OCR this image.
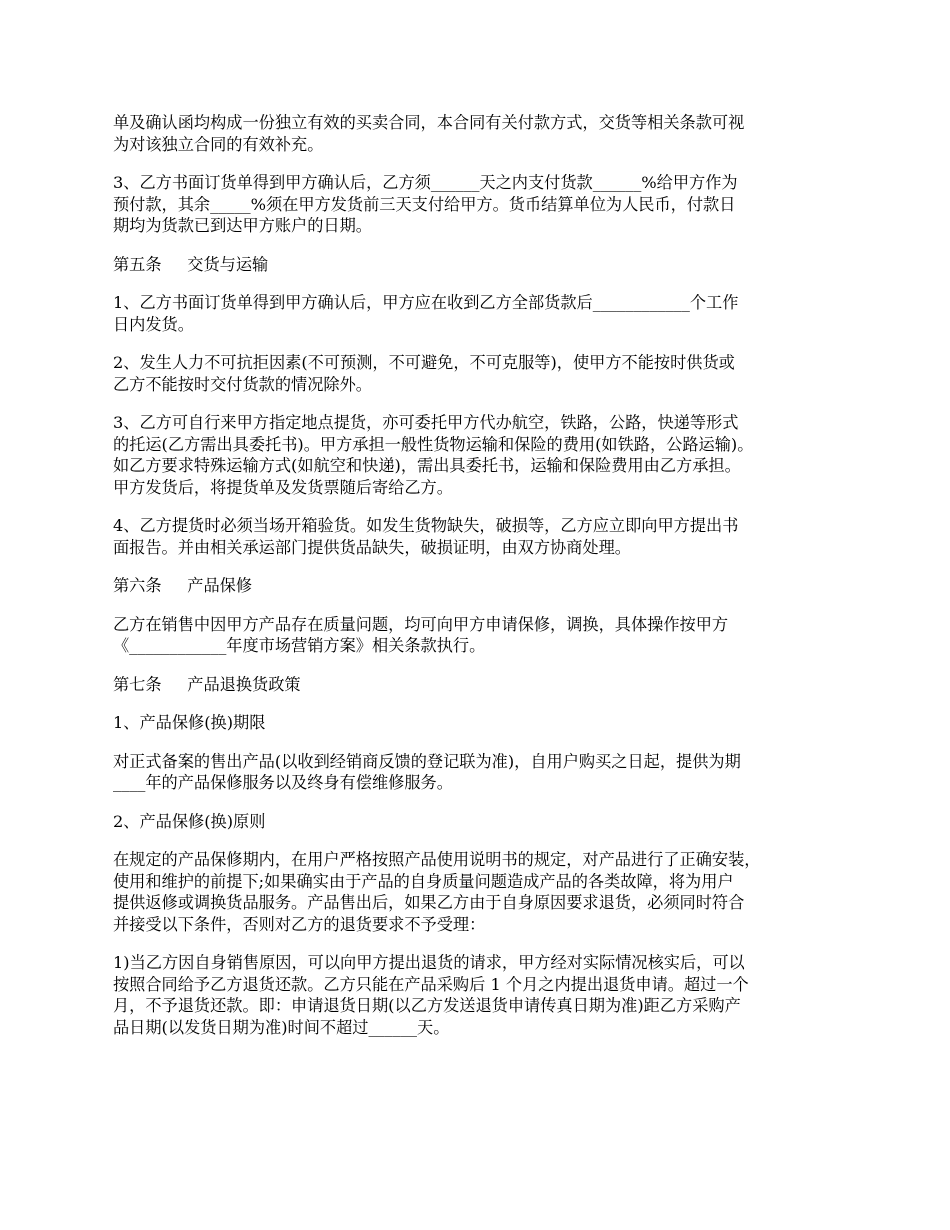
单及确认函均构成一份独立有效的买卖合同，本合同有关付款方式，交货等相关条款可视
为对该独立合同的有效补充。

3、乙方书面订货单得到甲方确认后，乙方须______天之内支付货款______%给甲方作为
预付款，其余_____%须在甲方发货前三天支付给甲方。货币结算单位为人民币，付款日
期均为货款已到达甲方账户的日期。

第五条     交货与运输

1、乙方书面订货单得到甲方确认后，甲方应在收到乙方全部货款后____________个工作
日内发货。

2、发生人力不可抗拒因素(不可预测，不可避免，不可克服等)，使甲方不能按时供货或
乙方不能按时交付货款的情况除外。

3、乙方可自行来甲方指定地点提货，亦可委托甲方代办航空，铁路，公路，快递等形式
的托运(乙方需出具委托书)。甲方承担一般性货物运输和保险的费用(如铁路，公路运输)。
如乙方要求特殊运输方式(如航空和快递)，需出具委托书，运输和保险费用由乙方承担。
甲方发货后，将提货单及发货票随后寄给乙方。

4、乙方提货时必须当场开箱验货。如发生货物缺失，破损等，乙方应立即向甲方提出书
面报告。并由相关承运部门提供货品缺失，破损证明，由双方协商处理。

第六条     产品保修

乙方在销售中因甲方产品存在质量问题，均可向甲方申请保修，调换，具体操作按甲方
《____________年度市场营销方案》相关条款执行。

第七条     产品退换货政策

1、产品保修(换)期限

对正式备案的售出产品(以收到经销商反馈的登记联为准)，自用户购买之日起，提供为期
____年的产品保修服务以及终身有偿维修服务。

2、产品保修(换)原则

在规定的产品保修期内，在用户严格按照产品使用说明书的规定，对产品进行了正确安装，
使用和维护的前提下;如果确实由于产品的自身质量问题造成产品的各类故障，将为用户
提供返修或调换货品服务。产品售出后，如果乙方由于自身原因要求退货，必须同时符合
并接受以下条件，否则对乙方的退货要求不予受理：

1)当乙方因自身销售原因，可以向甲方提出退货的请求，甲方经对实际情况核实后，可以
按照合同给予乙方退货还款。乙方只能在产品采购后 1 个月之内提出退货申请。超过一个
月，不予退货还款。即：申请退货日期(以乙方发送退货申请传真日期为准)距乙方采购产
品日期(以发货日期为准)时间不超过______天。
